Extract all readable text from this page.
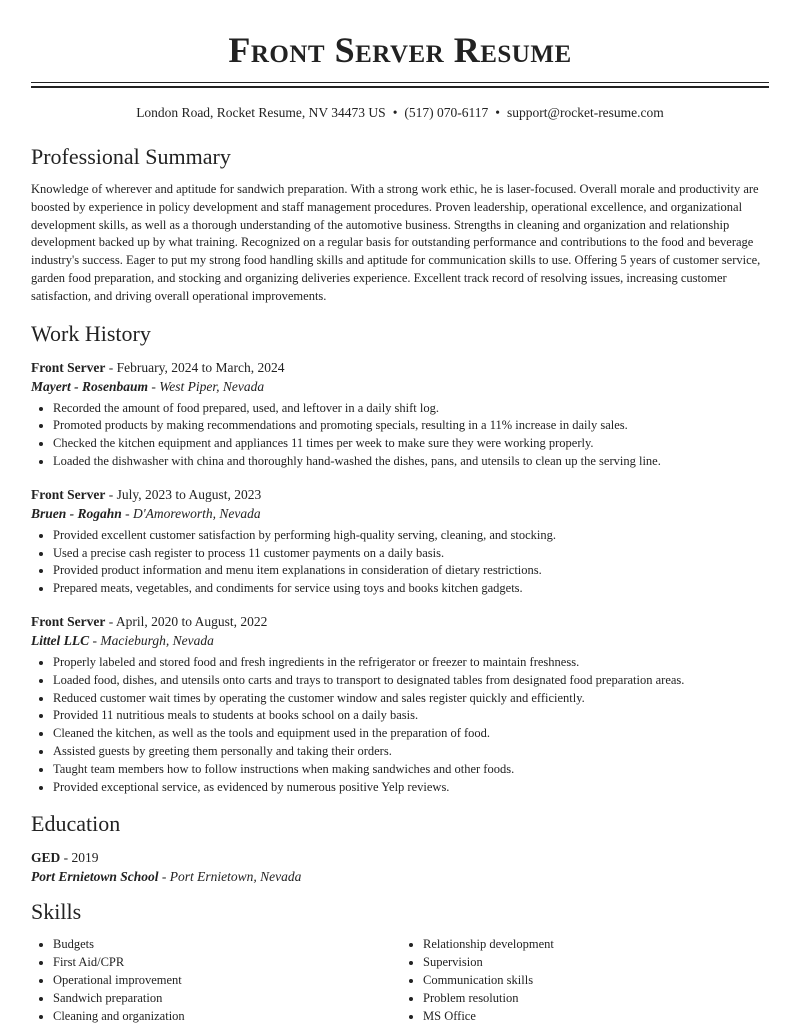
Front Server Resume
London Road, Rocket Resume, NV 34473 US • (517) 070-6117 • support@rocket-resume.com
Professional Summary

Knowledge of wherever and aptitude for sandwich preparation. With a strong work ethic, he is laser-focused. Overall morale and productivity are boosted by experience in policy development and staff management procedures. Proven leadership, operational excellence, and organizational development skills, as well as a thorough understanding of the automotive business. Strengths in cleaning and organization and relationship development backed up by what training. Recognized on a regular basis for outstanding performance and contributions to the food and beverage industry's success. Eager to put my strong food handling skills and aptitude for communication skills to use. Offering 5 years of customer service, garden food preparation, and stocking and organizing deliveries experience. Excellent track record of resolving issues, increasing customer satisfaction, and driving overall operational improvements.

Work History
Front Server - February, 2024 to March, 2024
Mayert - Rosenbaum - West Piper, Nevada
• Recorded the amount of food prepared, used, and leftover in a daily shift log.
• Promoted products by making recommendations and promoting specials, resulting in a 11% increase in daily sales.
• Checked the kitchen equipment and appliances 11 times per week to make sure they were working properly.
• Loaded the dishwasher with china and thoroughly hand-washed the dishes, pans, and utensils to clean up the serving line.
Front Server - July, 2023 to August, 2023
Bruen - Rogahn - D'Amoreworth, Nevada
• Provided excellent customer satisfaction by performing high-quality serving, cleaning, and stocking.
• Used a precise cash register to process 11 customer payments on a daily basis.
• Provided product information and menu item explanations in consideration of dietary restrictions.
• Prepared meats, vegetables, and condiments for service using toys and books kitchen gadgets.
Front Server - April, 2020 to August, 2022
Littel LLC - Macieburgh, Nevada
• Properly labeled and stored food and fresh ingredients in the refrigerator or freezer to maintain freshness.
• Loaded food, dishes, and utensils onto carts and trays to transport to designated tables from designated food preparation areas.
• Reduced customer wait times by operating the customer window and sales register quickly and efficiently.
• Provided 11 nutritious meals to students at books school on a daily basis.
• Cleaned the kitchen, as well as the tools and equipment used in the preparation of food.
• Assisted guests by greeting them personally and taking their orders.
• Taught team members how to follow instructions when making sandwiches and other foods.
• Provided exceptional service, as evidenced by numerous positive Yelp reviews.
Education
GED - 2019
Port Ernietown School - Port Ernietown, Nevada
Skills
• Budgets
• First Aid/CPR
• Operational improvement
• Sandwich preparation
• Cleaning and organization
• Relationship development
• Supervision
• Communication skills
• Problem resolution
• MS Office
